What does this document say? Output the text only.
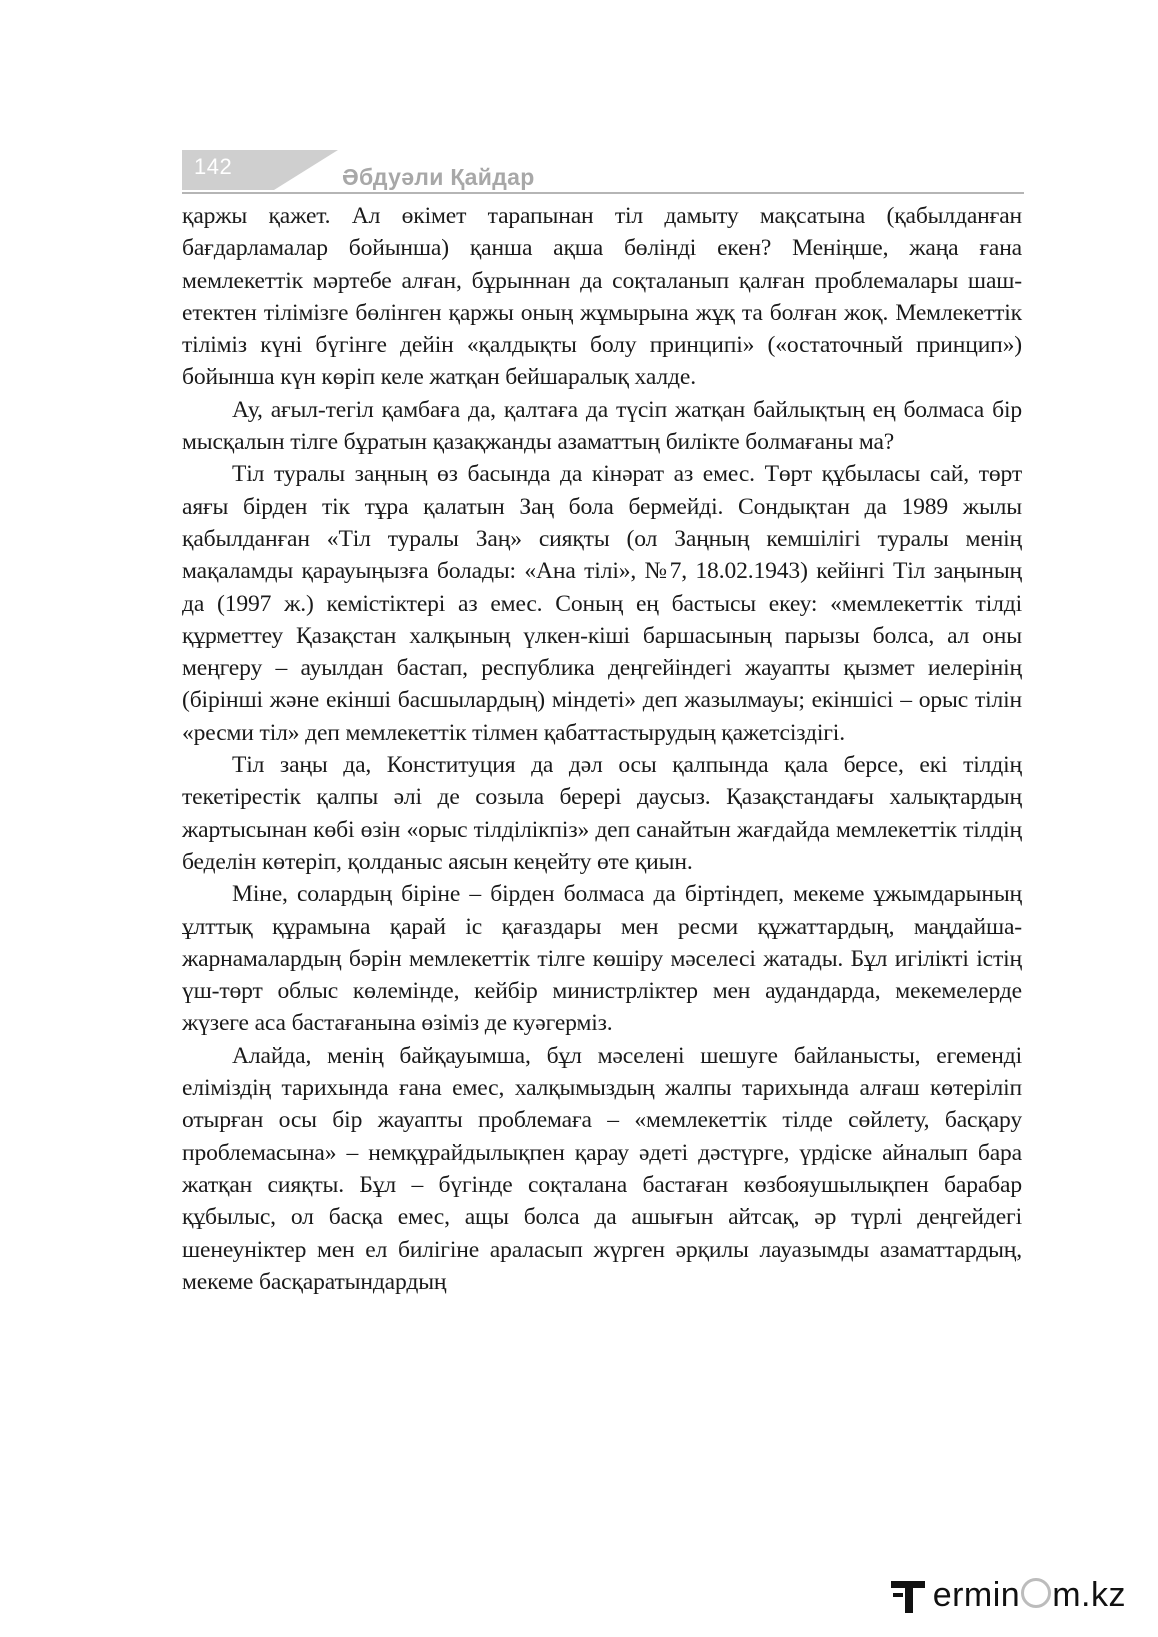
142	Әбдуәли Қайдар

қаржы қажет. Ал өкімет тарапынан тіл дамыту мақсатына (қабылданған бағдарламалар бойынша) қанша ақша бөлінді екен? Меніңше, жаңа ғана мемлекеттік мәртебе алған, бұрыннан да соқталанып қалған проблемалары шаш-етектен тілімізге бөлінген қаржы оның жұмырына жұқ та болған жоқ. Мемлекеттік тіліміз күні бүгінге дейін «қалдықты болу принципі» («остаточный принцип») бойынша күн көріп келе жатқан бейшаралық халде.

Ау, ағыл-тегіл қамбаға да, қалтаға да түсіп жатқан байлықтың ең болмаса бір мысқалын тілге бұратын қазақжанды азаматтың билікте болмағаны ма?

Тіл туралы заңның өз басында да кінәрат аз емес. Төрт құбыласы сай, төрт аяғы бірден тік тұра қалатын Заң бола бермейді. Сондықтан да 1989 жылы қабылданған «Тіл туралы Заң» сияқты (ол Заңның кемшілігі туралы менің мақаламды қарауыңызға болады: «Ана тілі», №7, 18.02.1943) кейінгі Тіл заңының да (1997 ж.) кемістіктері аз емес. Соның ең бастысы екеу: «мемлекеттік тілді құрметтеу Қазақстан халқының үлкен-кіші баршасының парызы болса, ал оны меңгеру – ауылдан бастап, республика деңгейіндегі жауапты қызмет иелерінің (бірінші және екінші басшылардың) міндеті» деп жазылмауы; екіншісі – орыс тілін «ресми тіл» деп мемлекеттік тілмен қабаттастырудың қажетсіздігі.

Тіл заңы да, Конституция да дәл осы қалпында қала берсе, екі тілдің текетірестік қалпы әлі де созыла берері даусыз. Қазақстандағы халықтардың жартысынан көбі өзін «орыс тілділікпіз» деп санайтын жағдайда мемлекеттік тілдің беделін көтеріп, қолданыс аясын кеңейту өте қиын.

Міне, солардың біріне – бірден болмаса да біртіндеп, мекеме ұжымдарының ұлттық құрамына қарай іс қағаздары мен ресми құжаттардың, маңдайша-жарнамалардың бәрін мемлекеттік тілге көшіру мәселесі жатады. Бұл игілікті істің үш-төрт облыс көлемінде, кейбір министрліктер мен аудандарда, мекемелерде жүзеге аса бастағанына өзіміз де куәгерміз.

Алайда, менің байқауымша, бұл мәселені шешуге байланысты, егеменді еліміздің тарихында ғана емес, халқымыздың жалпы тарихында алғаш көтеріліп отырған осы бір жауапты проблемаға – «мемлекеттік тілде сөйлету, басқару проблемасына» – немқұрайдылықпен қарау әдеті дәстүрге, үрдіске айналып бара жатқан сияқты. Бұл – бүгінде соқталана бастаған көзбояушылықпен барабар құбылыс, ол басқа емес, ащы болса да ашығын айтсақ, әр түрлі деңгейдегі шенеуніктер мен ел билігіне араласып жүрген әрқилы лауазымды азаматтардың, мекеме басқаратындардың

ermin m.kz
